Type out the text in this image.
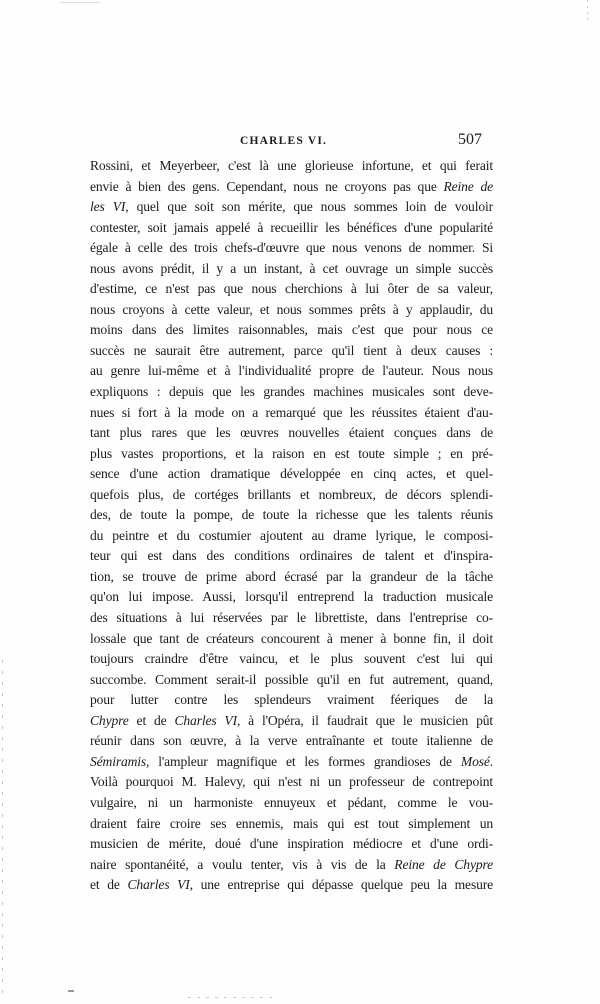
CHARLES VI.	507
Rossini, et Meyerbeer, c'est là une glorieuse infortune, et qui ferait
envie à bien des gens. Cependant, nous ne croyons pas que Reine de
les VI, quel que soit son mérite, que nous sommes loin de vouloir
contester, soit jamais appelé à recueillir les bénéfices d'une popularité
égale à celle des trois chefs-d'œuvre que nous venons de nommer. Si
nous avons prédit, il y a un instant, à cet ouvrage un simple succès
d'estime, ce n'est pas que nous cherchions à lui ôter de sa valeur,
nous croyons à cette valeur, et nous sommes prêts à y applaudir, du
moins dans des limites raisonnables, mais c'est que pour nous ce
succès ne saurait être autrement, parce qu'il tient à deux causes :
au genre lui-même et à l'individualité propre de l'auteur. Nous nous
expliquons : depuis que les grandes machines musicales sont deve-
nues si fort à la mode on a remarqué que les réussites étaient d'au-
tant plus rares que les œuvres nouvelles étaient conçues dans de
plus vastes proportions, et la raison en est toute simple ; en pré-
sence d'une action dramatique développée en cinq actes, et quel-
quefois plus, de cortéges brillants et nombreux, de décors splendi-
des, de toute la pompe, de toute la richesse que les talents réunis
du peintre et du costumier ajoutent au drame lyrique, le composi-
teur qui est dans des conditions ordinaires de talent et d'inspira-
tion, se trouve de prime abord écrasé par la grandeur de la tâche
qu'on lui impose. Aussi, lorsqu'il entreprend la traduction musicale
des situations à lui réservées par le librettiste, dans l'entreprise co-
lossale que tant de créateurs concourent à mener à bonne fin, il doit
toujours craindre d'être vaincu, et le plus souvent c'est lui qui
succombe. Comment serait-il possible qu'il en fut autrement, quand,
pour lutter contre les splendeurs vraiment féeriques de la
Chypre et de Charles VI, à l'Opéra, il faudrait que le musicien pût
réunir dans son œuvre, à la verve entraînante et toute italienne de
Sémiramis, l'ampleur magnifique et les formes grandioses de Mosé.
Voilà pourquoi M. Halevy, qui n'est ni un professeur de contrepoint
vulgaire, ni un harmoniste ennuyeux et pédant, comme le vou-
draient faire croire ses ennemis, mais qui est tout simplement un
musicien de mérite, doué d'une inspiration médiocre et d'une ordi-
naire spontanéité, a voulu tenter, vis à vis de la Reine de Chypre
et de Charles VI, une entreprise qui dépasse quelque peu la mesure
